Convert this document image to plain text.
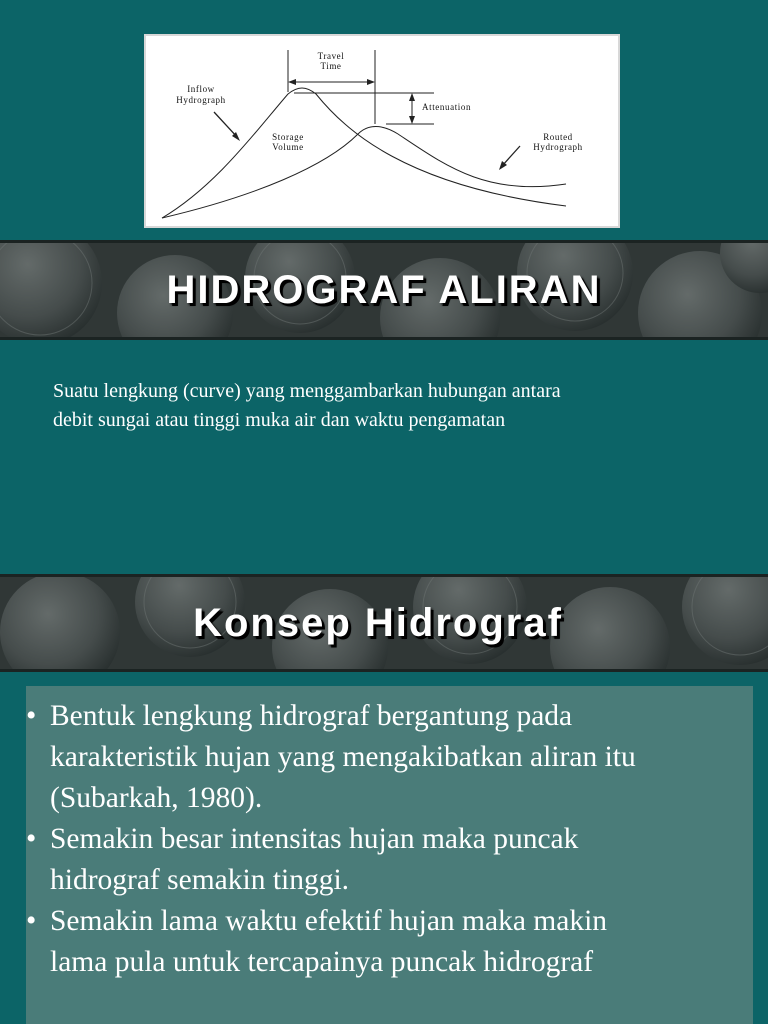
Travel
Time
Inflow
Hydrograph
Storage
Volume
Attenuation
Routed
Hydrograph
HIDROGRAF ALIRAN
Suatu lengkung (curve) yang menggambarkan hubungan antara
debit sungai atau tinggi muka air dan waktu pengamatan
Konsep Hidrograf
• Bentuk lengkung hidrograf bergantung pada
karakteristik hujan yang mengakibatkan aliran itu
(Subarkah, 1980).
• Semakin besar intensitas hujan maka puncak
hidrograf semakin tinggi.
• Semakin lama waktu efektif hujan maka makin
lama pula untuk tercapainya puncak hidrograf
